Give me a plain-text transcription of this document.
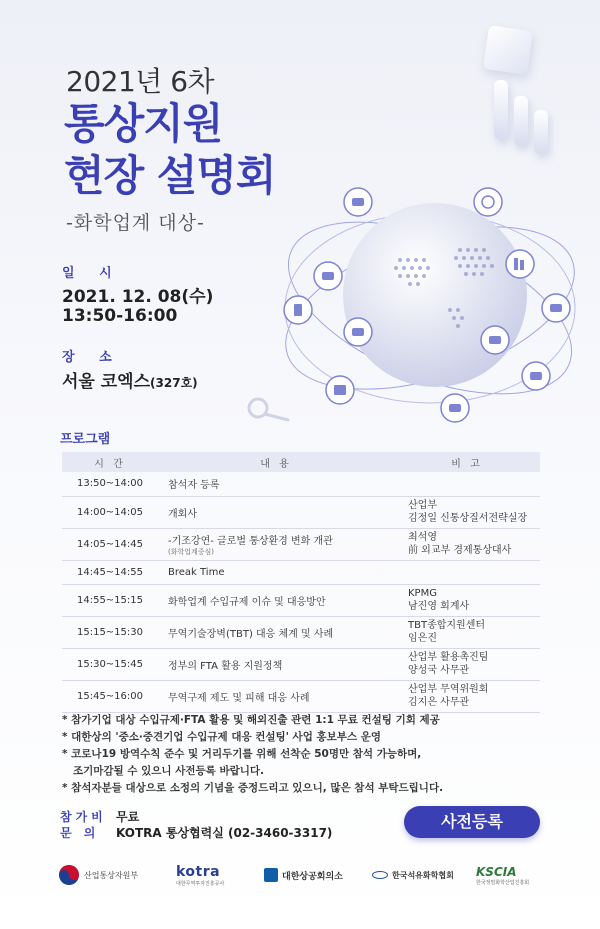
2021년 6차
통상지원
현장 설명회
-화학업계 대상-
일 시
2021. 12. 08(수)
13:50-16:00
장 소
서울 코엑스(327호)
프로그램
시 간	내 용	비 고
13:50~14:00	참석자 등록	
14:00~14:05	개회사	산업부
김정일 신통상질서전략실장
14:05~14:45	-기조강연- 글로벌 통상환경 변화 개관
(화학업계중심)	최석영
前 외교부 경제통상대사
14:45~14:55	Break Time	
14:55~15:15	화학업계 수입규제 이슈 및 대응방안	KPMG
남진영 회계사
15:15~15:30	무역기술장벽(TBT) 대응 체계 및 사례	TBT종합지원센터
임은진
15:30~15:45	정부의 FTA 활용 지원정책	산업부 활용촉진팀
양성국 사무관
15:45~16:00	무역구제 제도 및 피해 대응 사례	산업부 무역위원회
김지은 사무관
* 참가기업 대상 수입규제·FTA 활용 및 해외진출 관련 1:1 무료 컨설팅 기회 제공
* 대한상의 '중소·중견기업 수입규제 대응 컨설팅' 사업 홍보부스 운영
* 코로나19 방역수칙 준수 및 거리두기를 위해 선착순 50명만 참석 가능하며,
조기마감될 수 있으니 사전등록 바랍니다.
* 참석자분들 대상으로 소정의 기념을 증정드리고 있으니, 많은 참석 부탁드립니다.
참가비 무료
문 의 KOTRA 통상협력실 (02-3460-3317)
사전등록
산업통상자원부	kotra
대한무역투자진흥공사
대한상공회의소	한국석유화학협회 KSCIA
한국정밀화학산업진흥회
